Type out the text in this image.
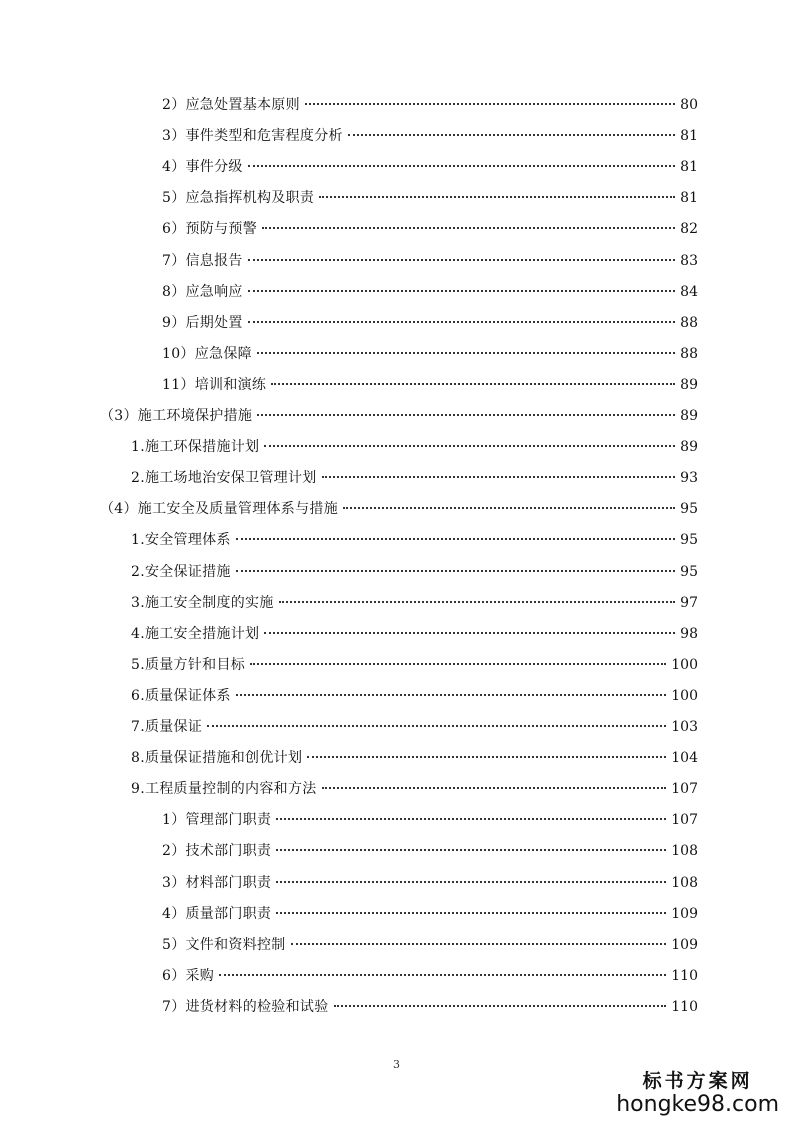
2）应急处置基本原则	80
3）事件类型和危害程度分析	81
4）事件分级	81
5）应急指挥机构及职责	81
6）预防与预警	82
7）信息报告	83
8）应急响应	84
9）后期处置	88
10）应急保障	88
11）培训和演练	89
（3）施工环境保护措施	89
1.施工环保措施计划	89
2.施工场地治安保卫管理计划	93
（4）施工安全及质量管理体系与措施	95
1.安全管理体系	95
2.安全保证措施	95
3.施工安全制度的实施	97
4.施工安全措施计划	98
5.质量方针和目标	100
6.质量保证体系	100
7.质量保证	103
8.质量保证措施和创优计划	104
9.工程质量控制的内容和方法	107
1）管理部门职责	107
2）技术部门职责	108
3）材料部门职责	108
4）质量部门职责	109
5）文件和资料控制	109
6）采购	110
7）进货材料的检验和试验	110
3
标书方案网
hongke98.com
